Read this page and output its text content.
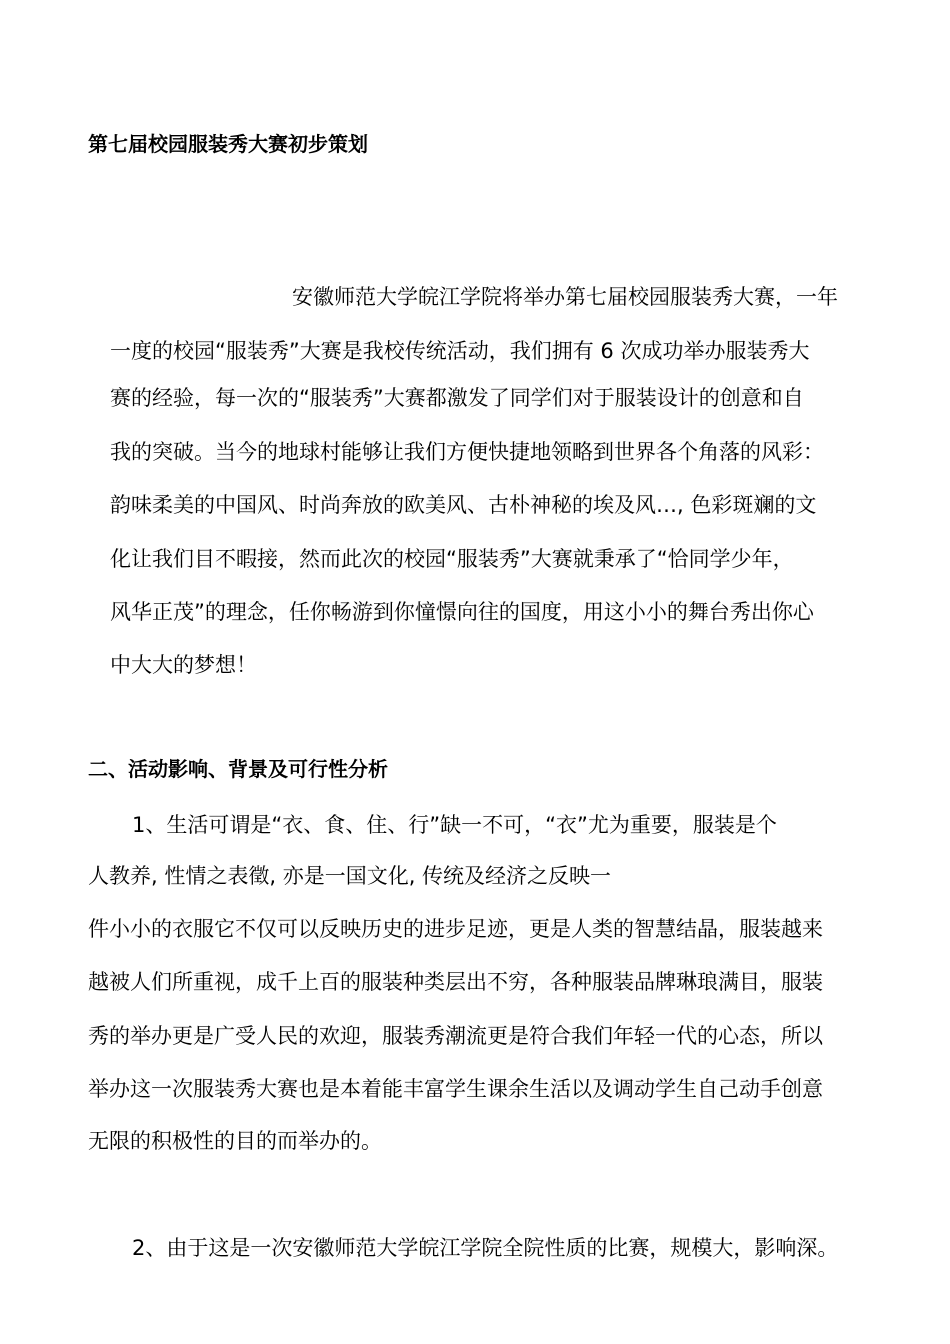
第七届校园服装秀大赛初步策划
安徽师范大学皖江学院将举办第七届校园服装秀大赛，一年
一度的校园“服装秀”大赛是我校传统活动，我们拥有 6 次成功举办服装秀大
赛的经验，每一次的“服装秀”大赛都激发了同学们对于服装设计的创意和自
我的突破。当今的地球村能够让我们方便快捷地领略到世界各个角落的风彩：
韵味柔美的中国风、时尚奔放的欧美风、古朴神秘的埃及风…, 色彩斑斓的文
化让我们目不暇接，然而此次的校园“服装秀”大赛就秉承了“恰同学少年，
风华正茂”的理念，任你畅游到你憧憬向往的国度，用这小小的舞台秀出你心
中大大的梦想！
二、活动影响、背景及可行性分析
1、生活可谓是“衣、食、住、行”缺一不可，“衣”尤为重要，服装是个
人教养, 性情之表徵, 亦是一国文化, 传统及经济之反映一
件小小的衣服它不仅可以反映历史的进步足迹，更是人类的智慧结晶，服装越来
越被人们所重视，成千上百的服装种类层出不穷，各种服装品牌琳琅满目，服装
秀的举办更是广受人民的欢迎，服装秀潮流更是符合我们年轻一代的心态，所以
举办这一次服装秀大赛也是本着能丰富学生课余生活以及调动学生自己动手创意
无限的积极性的目的而举办的。
2、由于这是一次安徽师范大学皖江学院全院性质的比赛，规模大，影响深。
